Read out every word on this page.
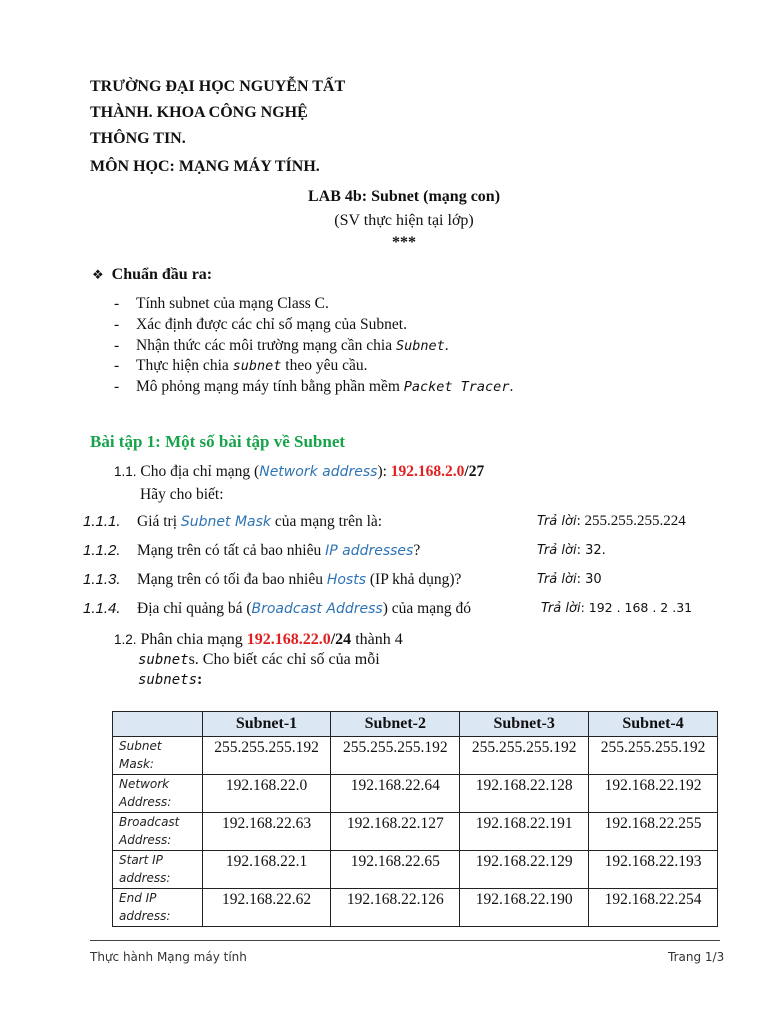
TRƯỜNG ĐẠI HỌC NGUYỄN TẤT
THÀNH. KHOA CÔNG NGHỆ
THÔNG TIN.
MÔN HỌC: MẠNG MÁY TÍNH.
LAB 4b: Subnet (mạng con)
(SV thực hiện tại lớp)
***
❖ Chuẩn đầu ra:
- Tính subnet của mạng Class C.
- Xác định được các chỉ số mạng của Subnet.
- Nhận thức các môi trường mạng cần chia Subnet.
- Thực hiện chia subnet theo yêu cầu.
- Mô phỏng mạng máy tính bằng phần mềm Packet Tracer.
Bài tập 1: Một số bài tập về Subnet
1.1. Cho địa chỉ mạng (Network address): 192.168.2.0/27
Hãy cho biết:
1.1.1. Giá trị Subnet Mask của mạng trên là:	Trả lời: 255.255.255.224
1.1.2. Mạng trên có tất cả bao nhiêu IP addresses?	Trả lời: 32.
1.1.3. Mạng trên có tối đa bao nhiêu Hosts (IP khả dụng)?	Trả lời: 30
1.1.4. Địa chỉ quảng bá (Broadcast Address) của mạng đó	Trả lời: 192 . 168 . 2 .31
1.2. Phân chia mạng 192.168.22.0/24 thành 4
subnets. Cho biết các chỉ số của mỗi
subnets:
	Subnet-1	Subnet-2	Subnet-3	Subnet-4
Subnet
Mask:	255.255.255.192	255.255.255.192	255.255.255.192	255.255.255.192
Network
Address:	192.168.22.0	192.168.22.64	192.168.22.128	192.168.22.192
Broadcast
Address:	192.168.22.63	192.168.22.127	192.168.22.191	192.168.22.255
Start IP
address:	192.168.22.1	192.168.22.65	192.168.22.129	192.168.22.193
End IP
address:	192.168.22.62	192.168.22.126	192.168.22.190	192.168.22.254
Thực hành Mạng máy tính	Trang 1/3
